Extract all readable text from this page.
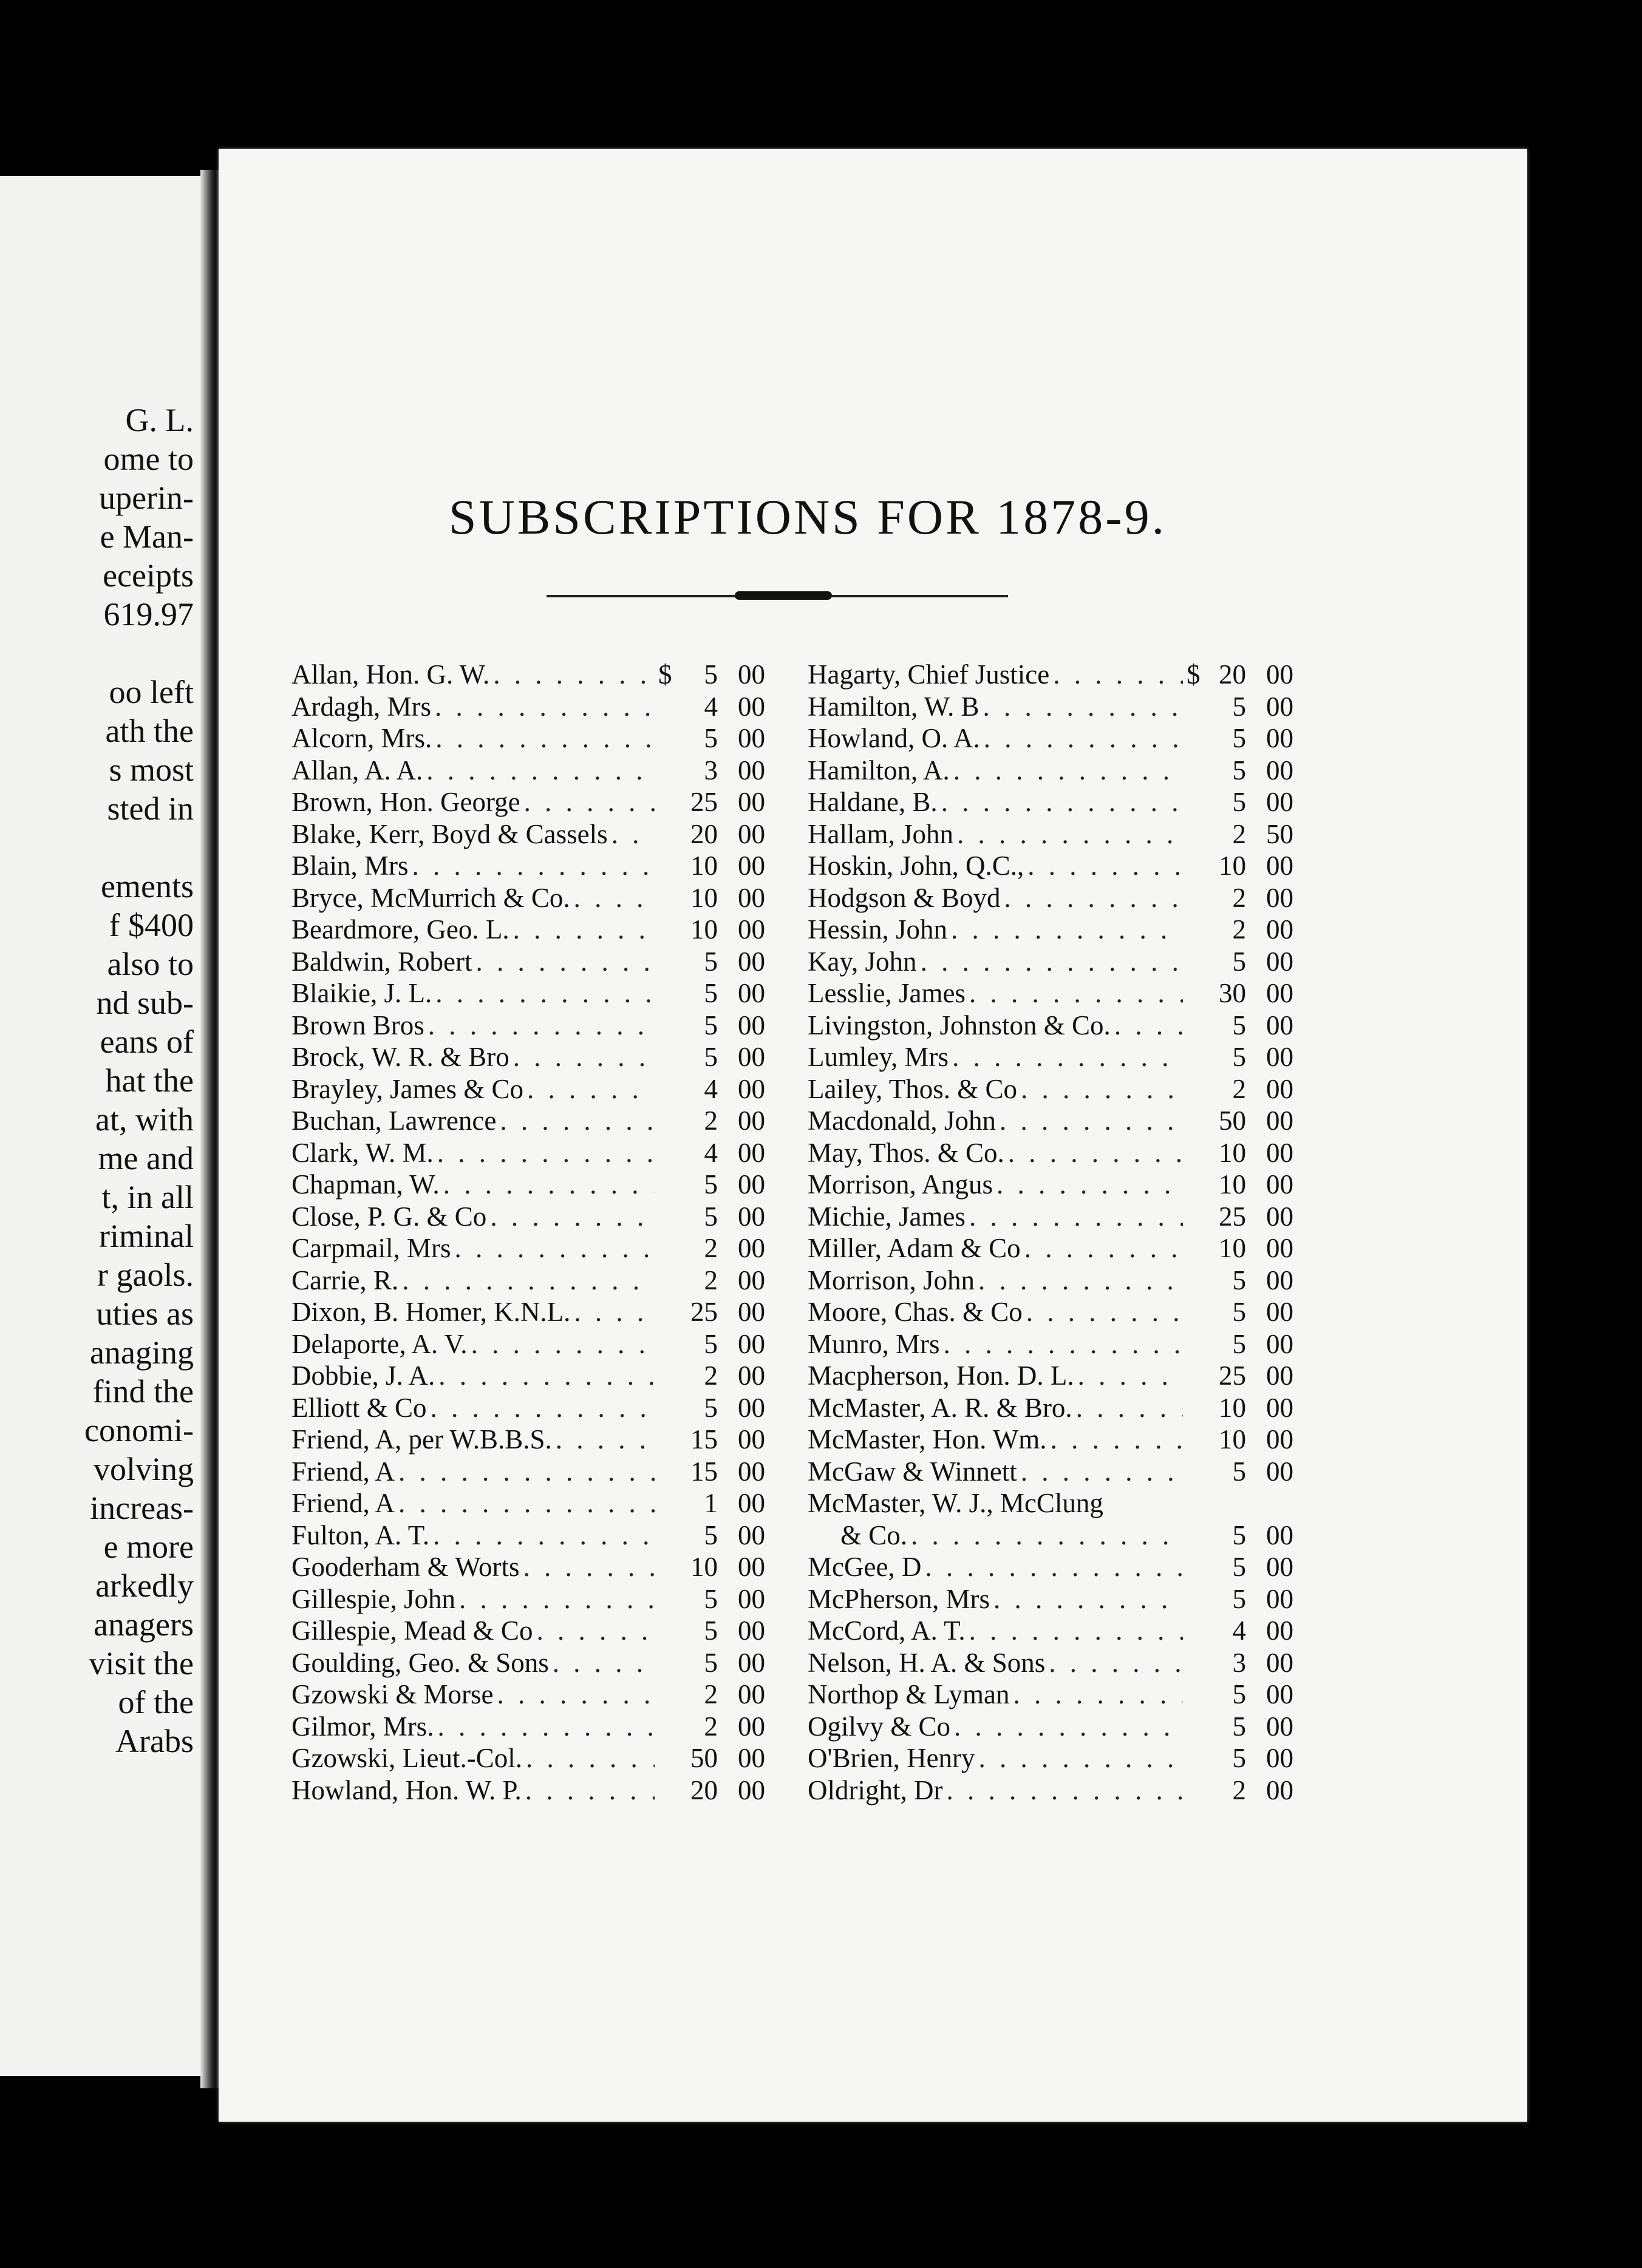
G. L.
ome to
uperin-
e Man-
eceipts
619.97
oo left
ath the
s most
sted in
ements
f $400
also to
nd sub-
eans of
hat the
at, with
me and
t, in all
riminal
r gaols.
uties as
anaging
find the
conomi-
volving
increas-
e more
arkedly
anagers
visit the
of the
Arabs
SUBSCRIPTIONS FOR 1878-9.
Allan, Hon. G. W. . . .	$	5 00
Ardagh, Mrs . . .	4 00
Alcorn, Mrs. . . .	5 00
Allan, A. A. . . .	3 00
Brown, Hon. George . . .	25 00
Blake, Kerr, Boyd & Cassels . . .	20 00
Blain, Mrs . . .	10 00
Bryce, McMurrich & Co. . . .	10 00
Beardmore, Geo. L. . . .	10 00
Baldwin, Robert . . .	5 00
Blaikie, J. L. . . .	5 00
Brown Bros . . .	5 00
Brock, W. R. & Bro . . .	5 00
Brayley, James & Co . . .	4 00
Buchan, Lawrence . . .	2 00
Clark, W. M. . . .	4 00
Chapman, W. . . .	5 00
Close, P. G. & Co . . .	5 00
Carpmail, Mrs . . .	2 00
Carrie, R. . . .	2 00
Dixon, B. Homer, K.N.L. . . .	25 00
Delaporte, A. V. . . .	5 00
Dobbie, J. A. . . .	2 00
Elliott & Co . . .	5 00
Friend, A, per W.B.B.S. . . .	15 00
Friend, A . . .	15 00
Friend, A . . .	1 00
Fulton, A. T. . . .	5 00
Gooderham & Worts . . .	10 00
Gillespie, John . . .	5 00
Gillespie, Mead & Co . . .	5 00
Goulding, Geo. & Sons . . .	5 00
Gzowski & Morse . . .	2 00
Gilmor, Mrs. . . .	2 00
Gzowski, Lieut.-Col. . . .	50 00
Howland, Hon. W. P. . . .	20 00
Hagarty, Chief Justice . . .	$ 20 00
Hamilton, W. B . . .	5 00
Howland, O. A. . . .	5 00
Hamilton, A. . . .	5 00
Haldane, B. . . .	5 00
Hallam, John . . .	2 50
Hoskin, John, Q.C., . . .	10 00
Hodgson & Boyd . . .	2 00
Hessin, John . . .	2 00
Kay, John . . .	5 00
Lesslie, James . . .	30 00
Livingston, Johnston & Co. . . .	5 00
Lumley, Mrs . . .	5 00
Lailey, Thos. & Co . . .	2 00
Macdonald, John . . .	50 00
May, Thos. & Co. . . .	10 00
Morrison, Angus . . .	10 00
Michie, James . . .	25 00
Miller, Adam & Co . . .	10 00
Morrison, John . . .	5 00
Moore, Chas. & Co . . .	5 00
Munro, Mrs . . .	5 00
Macpherson, Hon. D. L. . . .	25 00
McMaster, A. R. & Bro. . . .	10 00
McMaster, Hon. Wm. . . .	10 00
McGaw & Winnett . . .	5 00
McMaster, W. J., McClung
& Co. . . .	5 00
McGee, D . . .	5 00
McPherson, Mrs . . .	5 00
McCord, A. T. . . .	4 00
Nelson, H. A. & Sons . . .	3 00
Northop & Lyman . . .	5 00
Ogilvy & Co . . .	5 00
O'Brien, Henry . . .	5 00
Oldright, Dr . . .	2 00
